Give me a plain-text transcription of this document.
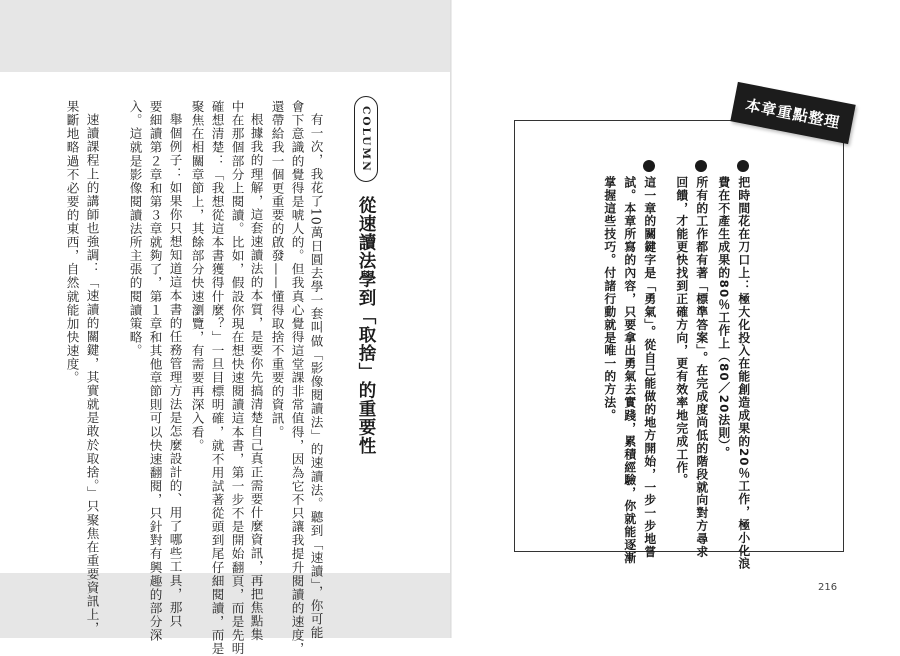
COLUMN
從速讀法學到「取捨」的重要性
有一次，我花了10萬日圓去學一套叫做「影像閱讀法」的速讀法。聽到「速讀」，你可能
會下意識的覺得是唬人的。但我真心覺得這堂課非常值得，因為它不只讓我提升閱讀的速度，
還帶給我一個更重要的啟發——懂得取捨不重要的資訊。
根據我的理解，這套速讀法的本質，是要你先搞清楚自己真正需要什麼資訊，再把焦點集
中在那個部分上閱讀。比如，假設你現在想快速閱讀這本書，第一步不是開始翻頁，而是先明
確想清楚：「我想從這本書獲得什麼？」一旦目標明確，就不用試著從頭到尾仔細閱讀，而是
聚焦在相關章節上，其餘部分快速瀏覽，有需要再深入看。
舉個例子：如果你只想知道這本書的任務管理方法是怎麼設計的、用了哪些工具，那只
要細讀第２章和第３章就夠了，第１章和其他章節則可以快速翻閱，只針對有興趣的部分深
入。這就是影像閱讀法所主張的閱讀策略。
速讀課程上的講師也強調：「速讀的關鍵，其實就是敢於取捨。」只聚焦在重要資訊上，
果斷地略過不必要的東西，自然就能加快速度。	本章重點整理
把時間花在刀口上：極大化投入在能創造成果的20％工作，極小化浪
費在不產生成果的80％工作上（80／20法則）。
所有的工作都有著「標準答案」。在完成度尚低的階段就向對方尋求
回饋，才能更快找到正確方向，更有效率地完成工作。
這一章的關鍵字是「勇氣」。從自己能做的地方開始，一步一步地嘗
試。本章所寫的內容，只要拿出勇氣去實踐，累積經驗，你就能逐漸
掌握這些技巧。付諸行動就是唯一的方法。
216
